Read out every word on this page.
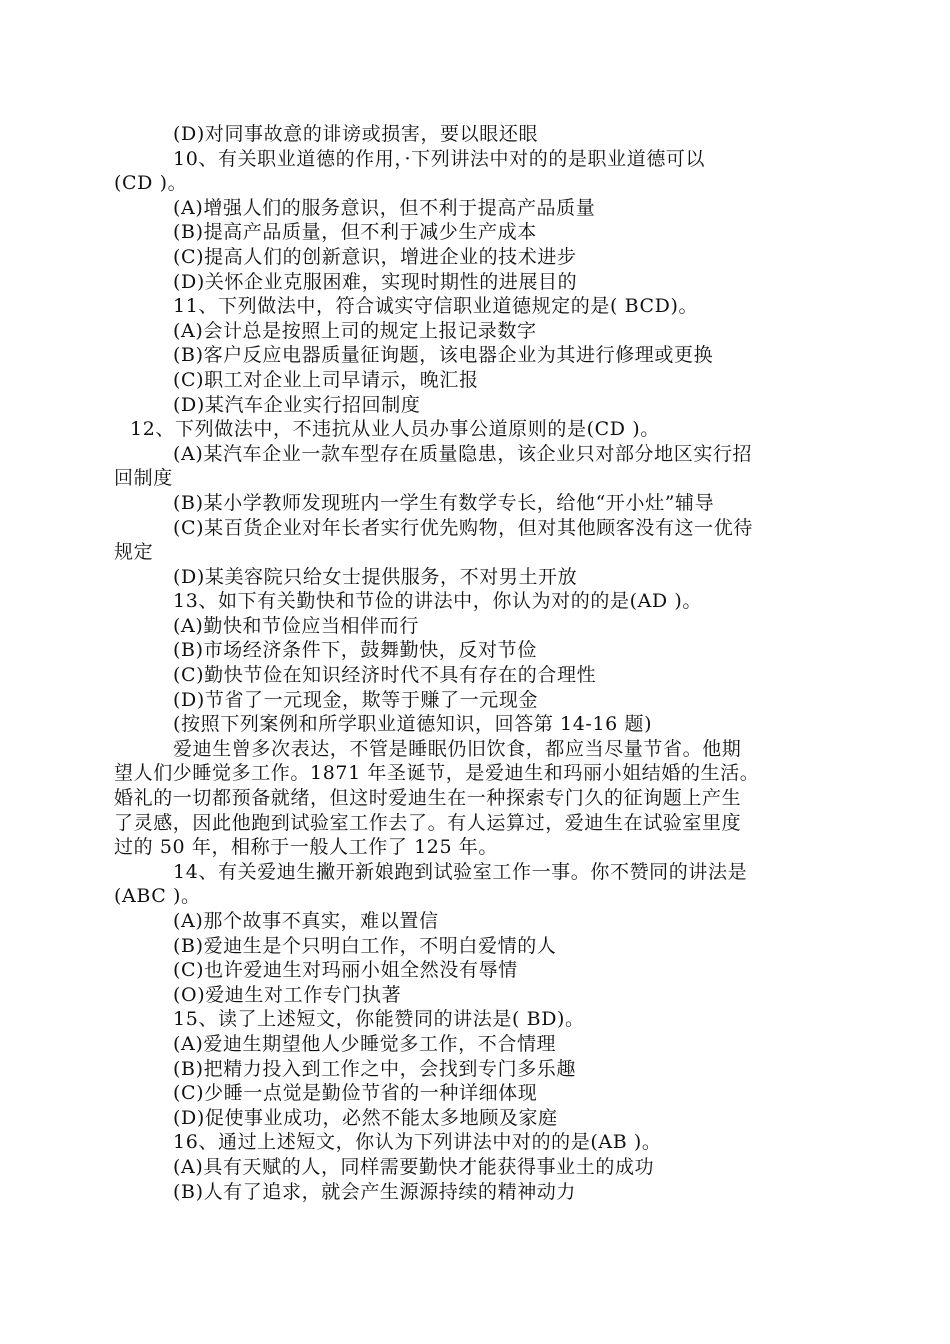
(D)对同事故意的诽谤或损害，要以眼还眼
10、有关职业道德的作用，·下列讲法中对的的是职业道德可以
(CD )。
(A)增强人们的服务意识，但不利于提高产品质量
(B)提高产品质量，但不利于减少生产成本
(C)提高人们的创新意识，增进企业的技术进步
(D)关怀企业克服困难，实现时期性的进展目的
11、下列做法中，符合诚实守信职业道德规定的是( BCD)。
(A)会计总是按照上司的规定上报记录数字
(B)客户反应电器质量征询题，该电器企业为其进行修理或更换
(C)职工对企业上司早请示，晚汇报
(D)某汽车企业实行招回制度
12、下列做法中，不违抗从业人员办事公道原则的是(CD )。
(A)某汽车企业一款车型存在质量隐患，该企业只对部分地区实行招
回制度
(B)某小学教师发现班内一学生有数学专长，给他“开小灶”辅导
(C)某百货企业对年长者实行优先购物，但对其他顾客没有这一优待
规定
(D)某美容院只给女士提供服务，不对男土开放
13、如下有关勤快和节俭的讲法中，你认为对的的是(AD )。
(A)勤快和节俭应当相伴而行
(B)市场经济条件下，鼓舞勤快，反对节俭
(C)勤快节俭在知识经济时代不具有存在的合理性
(D)节省了一元现金，欺等于赚了一元现金
(按照下列案例和所学职业道德知识，回答第 14-16 题)
爱迪生曾多次表达，不管是睡眠仍旧饮食，都应当尽量节省。他期
望人们少睡觉多工作。1871 年圣诞节，是爱迪生和玛丽小姐结婚的生活。
婚礼的一切都预备就绪，但这时爱迪生在一种探索专门久的征询题上产生
了灵感，因此他跑到试验室工作去了。有人运算过，爱迪生在试验室里度
过的 50 年，相称于一般人工作了 125 年。
14、有关爱迪生撇开新娘跑到试验室工作一事。你不赞同的讲法是
(ABC )。
(A)那个故事不真实，难以置信
(B)爱迪生是个只明白工作，不明白爱情的人
(C)也许爱迪生对玛丽小姐全然没有辱情
(O)爱迪生对工作专门执著
15、读了上述短文，你能赞同的讲法是( BD)。
(A)爱迪生期望他人少睡觉多工作，不合情理
(B)把精力投入到工作之中，会找到专门多乐趣
(C)少睡一点觉是勤俭节省的一种详细体现
(D)促使事业成功，必然不能太多地顾及家庭
16、通过上述短文，你认为下列讲法中对的的是(AB )。
(A)具有天赋的人，同样需要勤快才能获得事业土的成功
(B)人有了追求，就会产生源源持续的精神动力
